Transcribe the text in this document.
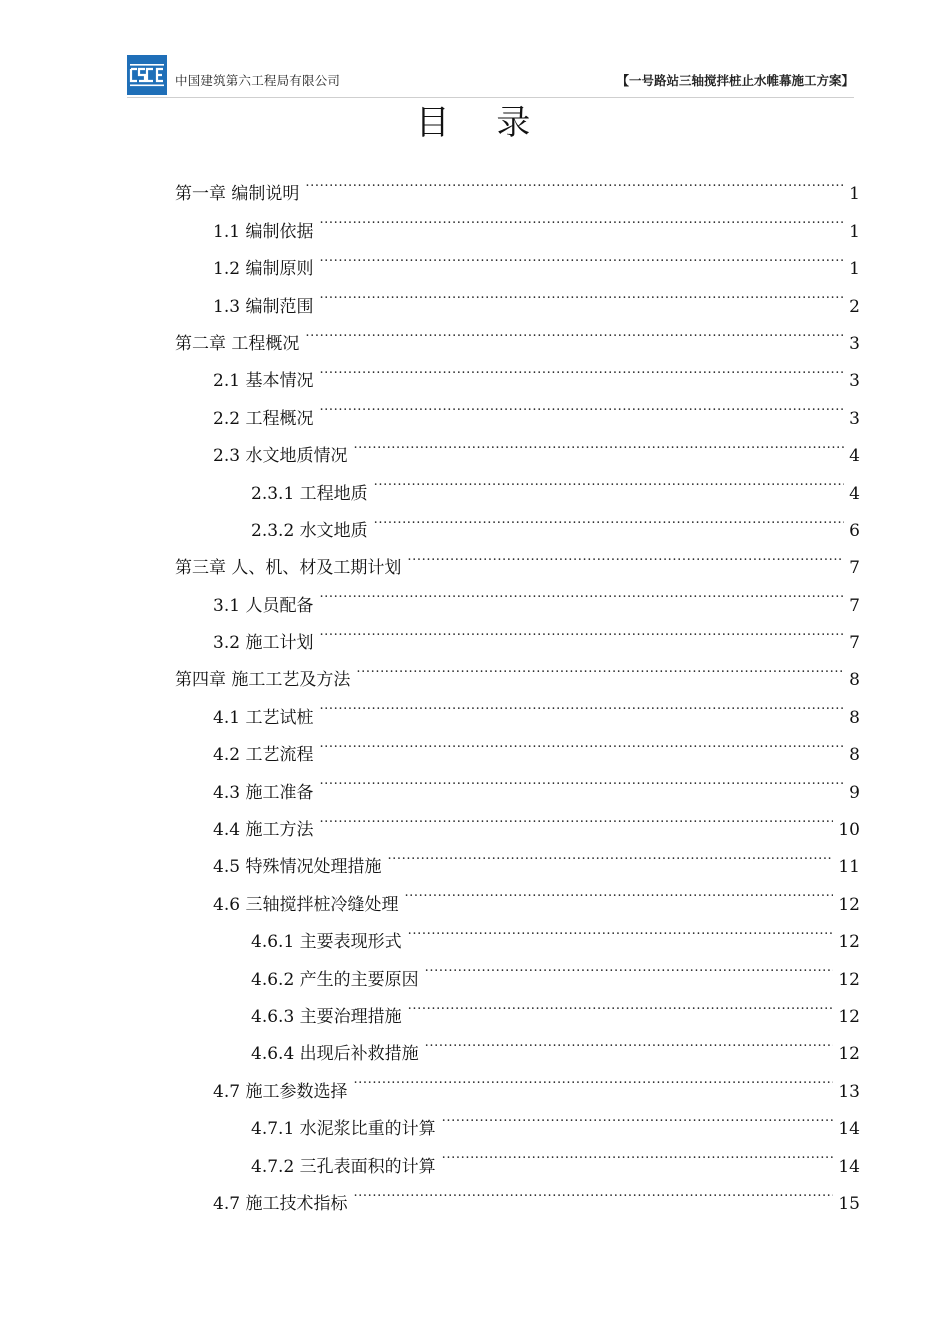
中国建筑第六工程局有限公司	【一号路站三轴搅拌桩止水帷幕施工方案】
目 录
第一章 编制说明 .....	1
1.1 编制依据 .....	1
1.2 编制原则 .....	1
1.3 编制范围 .....	2
第二章 工程概况 .....	3
2.1 基本情况 .....	3
2.2 工程概况 .....	3
2.3 水文地质情况 .....	4
2.3.1 工程地质 .....	4
2.3.2 水文地质 .....	6
第三章 人、机、材及工期计划 .....	7
3.1 人员配备 .....	7
3.2 施工计划 .....	7
第四章 施工工艺及方法 .....	8
4.1 工艺试桩 .....	8
4.2 工艺流程 .....	8
4.3 施工准备 .....	9
4.4 施工方法 .....	10
4.5 特殊情况处理措施 .....	11
4.6 三轴搅拌桩冷缝处理 .....	12
4.6.1 主要表现形式 .....	12
4.6.2 产生的主要原因 .....	12
4.6.3 主要治理措施 .....	12
4.6.4 出现后补救措施 .....	12
4.7 施工参数选择 .....	13
4.7.1 水泥浆比重的计算 .....	14
4.7.2 三孔表面积的计算 .....	14
4.7 施工技术指标 .....	15
